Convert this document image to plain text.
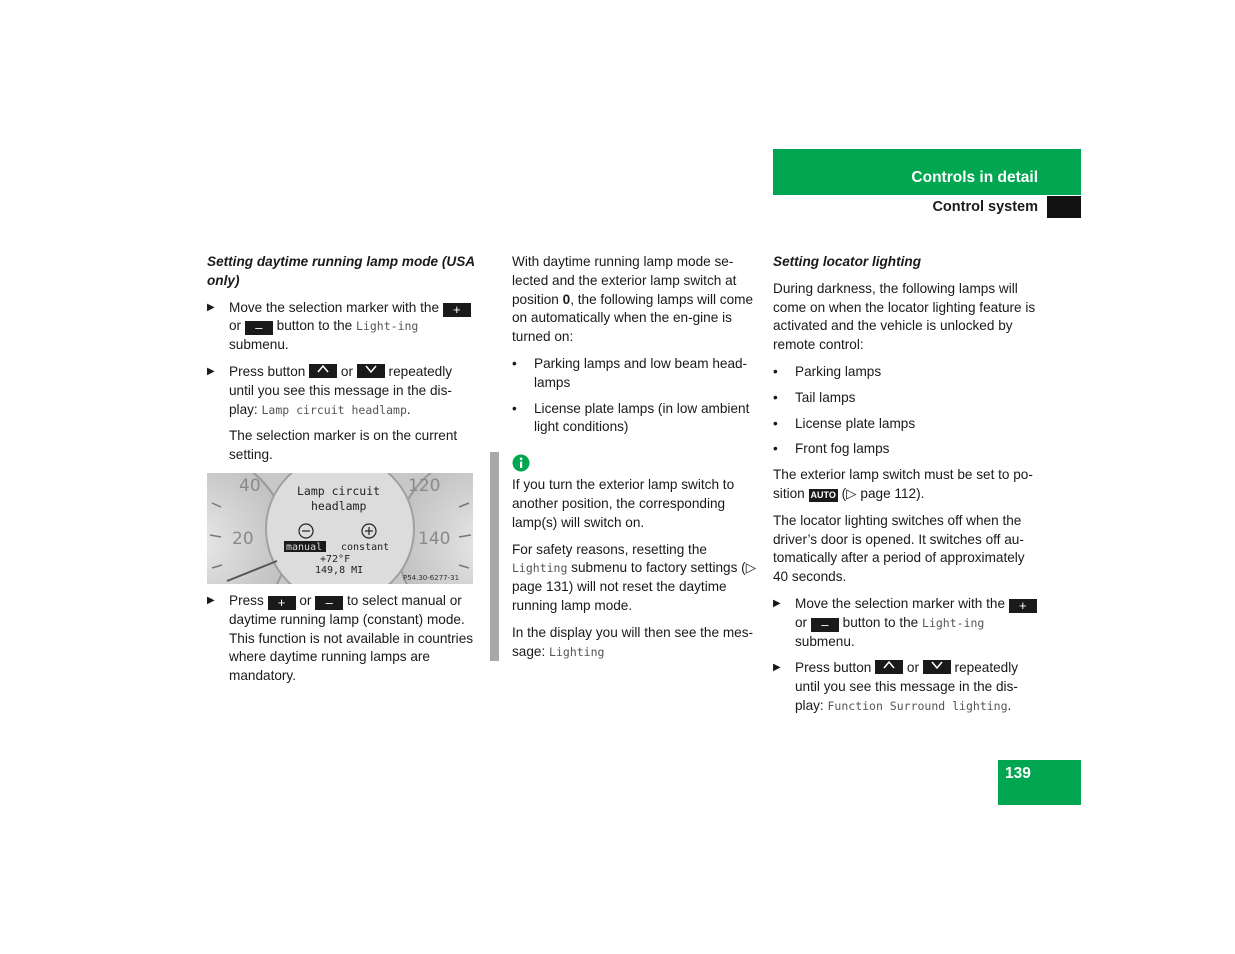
Controls in detail
Control system

Setting daytime running lamp mode (USA only)

▶ Move the selection marker with the + or – button to the Light-ing submenu.
▶ Press button	or	repeatedly until you see this message in the dis-play: Lamp circuit headlamp.

The selection marker is on the current setting.

40
20
120
140
Lamp circuit
headlamp
manual constant
+72°F
149,8 MI
P54.30-6277-31
▶ Press + or – to select manual or daytime running lamp (constant) mode. This function is not available in countries where daytime running lamps are mandatory.

With daytime running lamp mode se-lected and the exterior lamp switch at position 0, the following lamps will come on automatically when the en-gine is turned on:

• Parking lamps and low beam head-lamps
• License plate lamps (in low ambient light conditions)

If you turn the exterior lamp switch to another position, the corresponding lamp(s) will switch on.

For safety reasons, resetting the Lighting submenu to factory settings (▷ page 131) will not reset the daytime running lamp mode.

In the display you will then see the mes-sage: Lighting

Setting locator lighting

During darkness, the following lamps will come on when the locator lighting feature is activated and the vehicle is unlocked by remote control:

• Parking lamps
• Tail lamps
• License plate lamps
• Front fog lamps

The exterior lamp switch must be set to po-sition AUTO (▷ page 112).

The locator lighting switches off when the driver’s door is opened. It switches off au-tomatically after a period of approximately 40 seconds.

▶ Move the selection marker with the + or – button to the Light-ing submenu.
▶ Press button	or	repeatedly until you see this message in the dis-play: Function Surround lighting.
139
